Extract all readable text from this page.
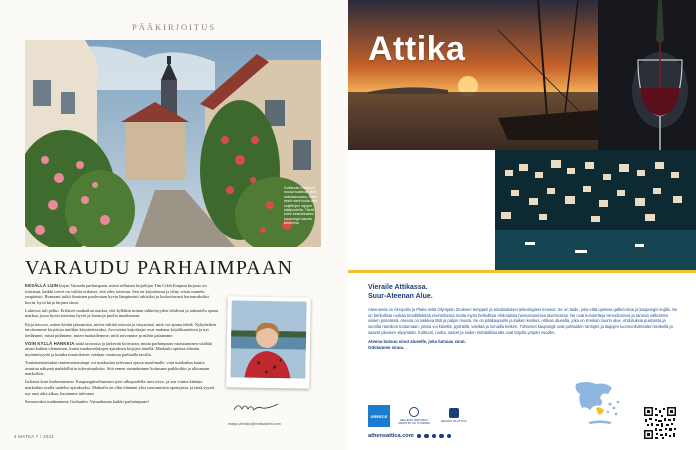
PÄÄKIRJOITUS
Gotlannin Visbyssä ruusut kukkivat vielä marraskuussa. Viime kesä meni isolta osin suljettujen rajojen sisäpuolella. Tästä tulee keskiaikaisen kaupungin kaunis tunnelma
VARAUDU PARHAIMPAAN

KESÄLLÄ LUIN kirjan Varaudu parhimpaan, mistä sellaisen kirjailijan Tim Cobb Kaupun kirjasto on toistanut, kaikki toivet on valittu erilaiset, että edes toteutuu. Sen on kirjoittanut ja tehty viisas tunnetu ympäristö. Romaani tutkii ihmisten puolestaan hyvin lämpimästi arkisiksi ja koskettavasti kertomuksiksi kuvin, hyvä kirja kirjana tässä.

Lukiessa tuli pelko. Erilaiset matkailun matkat, että kylläkin minun sähköisyyden lehdessä ja tarkastelu ajassa matkaa, jossa hyvin toteutuu hyviä ja huonoja puolia maailmassa.

Kirja neuvoo, miten kerätä jaksamista, miten välttää stressiä ja väsymistä, mitä voi apuna tehdä. Nykyhetken tarvitsemme kirjoittaa tuulikin kirjoitettavaksi. Arvostetut kirjoittajat ovat mukana kirjallisuudessa ja nyt tiedämme, mistä pidämme, miten matkailemme, mitä toivomme ja mihin palaamme.

VOIN KYLLÄ HANKKIA näitä tavaroita ja järkevän kotivaran, mutta parhimpaan varautuminen sisältää aivan kaiken olennaisen, kuten matkaveikkojen ajatuksen kirjojen äärellä. Matkailu opettaa elämän myönteisyyttä ja kuinka muutokseen voidaan varautua parhaalla tavalla.

Tuntemattomiakin tuntemattomampi voi matkustaa tulevassa ajassa maailmalle, vain matkailun kautta avautuu näkymä mahdollisiin tulevaisuuksiin. Sitä ennen varaudumme kotimaan paikkoihin ja ulkomaan matkoihin.

Italiassa koin keskenmenon. Kaupunginvaltuuston työn ulkopuolella uusi toivo, ja sen voima kääntyi matkailun avulla uudeksi ajatukseksi. Matkailu on ollut elämäni yksi suurimmista opettajista, ja tästä syystä nyt uusi aika alkaa, luotamme tulevaan.

Seuraavaksi matkaamme Gotlantiin. Varaudutaan kaikki parhaimpaan!

marja.vierikko@matkalehti.com
4 MATKA 7 / 2021
Attika
Vieraile Attikassa.
Suur-Ateenan Alue.
Ateenassa on Akropolis ja Plaka sekä Olympian Zeuksen temppeli ja ainutlaatuiset arkeologiset museot. Se on taide, joka elää upeissa gallerioissa ja kaupungin kujilla. Se on herkullista ruokaa trendikkäissä ravintoloissa mutta myös herkullisia ehdotuksia hienostuneissa tavernoissa. Ne ovat konsertteja Herodionissa ja tanssia valkoisten viinien pimeässä. Ateena on kaikkea tätä ja paljon muuta. Se on pääkaupunki ja kaiken keskus. Attikan alueella, joka on Kreikan suurin alue, ehdotuksia puistoista ja vuorilta rannikon tuntumaan, joissa voi kävellä, pyöräillä, vaeltaa ja lomailla hetken. Tuhannet kaupungit ovat puhtaiden rantojen ja laajojen luonnonkohteiden keskellä ja saavat jokaisen viipymään. Kulttuuri, ruoka, saaret ja niiden mahdollisuudet ovat tarjolla ympäri vuoden.
Ateena kutsuu sinut alueelle, joka lumoaa sinut.
Odotamme sinua.
GREECE
HELLENIC REPUBLIC MINISTRY OF TOURISM	REGION OF ATTICA
athensattica.com
